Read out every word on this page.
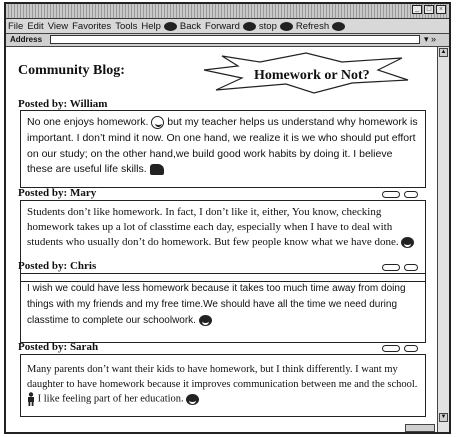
_	□	×
File Edit View Favorites Tools Help Back Forward stop Refresh
Address	▾ »
Community Blog:	Homework or Not?
Posted by: William
No one enjoys homework. but my teacher helps us understand why homework is important. I don’t mind it now. On one hand, we realize it is we who should put effort on our study; on the other hand,we build good work habits by doing it. I believe these are useful life skills.
Posted by: Mary
Students don’t like homework. In fact, I don’t like it, either, You know, checking homework takes up a lot of classtime each day, especially when I have to deal with students who usually don’t do homework. But few people know what we have done.
Posted by: Chris
I wish we could have less homework because it takes too much time away from doing things with my friends and my free time.We should have all the time we need during classtime to complete our schoolwork.
Posted by: Sarah
Many parents don’t want their kids to have homework, but I think differently. I want my daughter to have homework because it improves communication between me and the school.  I like feeling part of her education.
▲
▼
